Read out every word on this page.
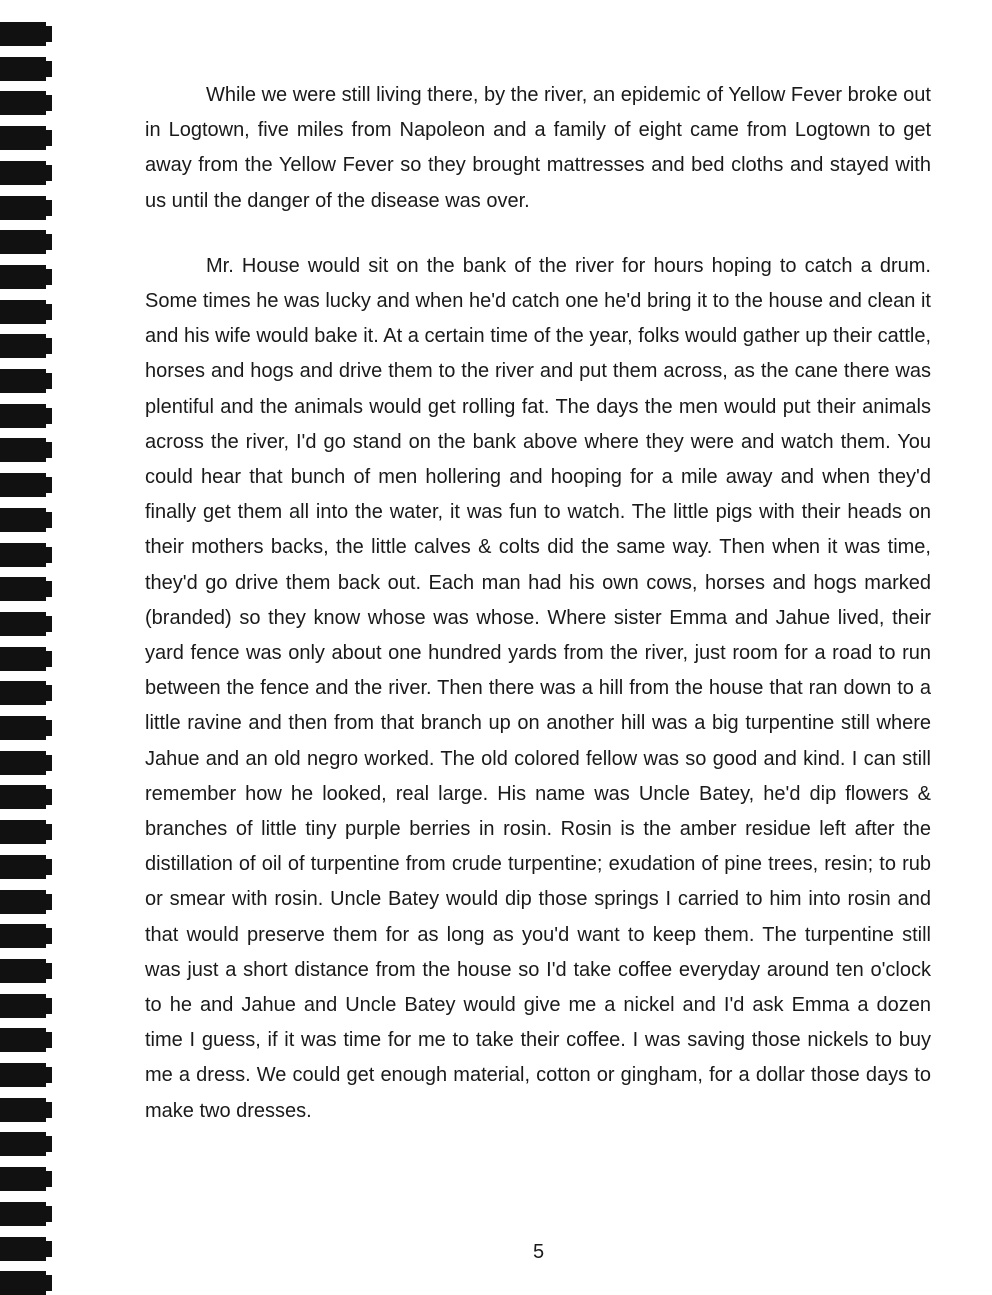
While we were still living there, by the river, an epidemic of Yellow Fever broke out in Logtown, five miles from Napoleon and a family of eight came from Logtown to get away from the Yellow Fever so they brought mattresses and bed cloths and stayed with us until the danger of the disease was over.

Mr. House would sit on the bank of the river for hours hoping to catch a drum. Some times he was lucky and when he'd catch one he'd bring it to the house and clean it and his wife would bake it. At a certain time of the year, folks would gather up their cattle, horses and hogs and drive them to the river and put them across, as the cane there was plentiful and the animals would get rolling fat. The days the men would put their animals across the river, I'd go stand on the bank above where they were and watch them. You could hear that bunch of men hollering and hooping for a mile away and when they'd finally get them all into the water, it was fun to watch. The little pigs with their heads on their mothers backs, the little calves & colts did the same way. Then when it was time, they'd go drive them back out. Each man had his own cows, horses and hogs marked (branded) so they know whose was whose. Where sister Emma and Jahue lived, their yard fence was only about one hundred yards from the river, just room for a road to run between the fence and the river. Then there was a hill from the house that ran down to a little ravine and then from that branch up on another hill was a big turpentine still where Jahue and an old negro worked. The old colored fellow was so good and kind. I can still remember how he looked, real large. His name was Uncle Batey, he'd dip flowers & branches of little tiny purple berries in rosin. Rosin is the amber residue left after the distillation of oil of turpentine from crude turpentine; exudation of pine trees, resin; to rub or smear with rosin. Uncle Batey would dip those springs I carried to him into rosin and that would preserve them for as long as you'd want to keep them. The turpentine still was just a short distance from the house so I'd take coffee everyday around ten o'clock to he and Jahue and Uncle Batey would give me a nickel and I'd ask Emma a dozen time I guess, if it was time for me to take their coffee. I was saving those nickels to buy me a dress. We could get enough material, cotton or gingham, for a dollar those days to make two dresses.

5
